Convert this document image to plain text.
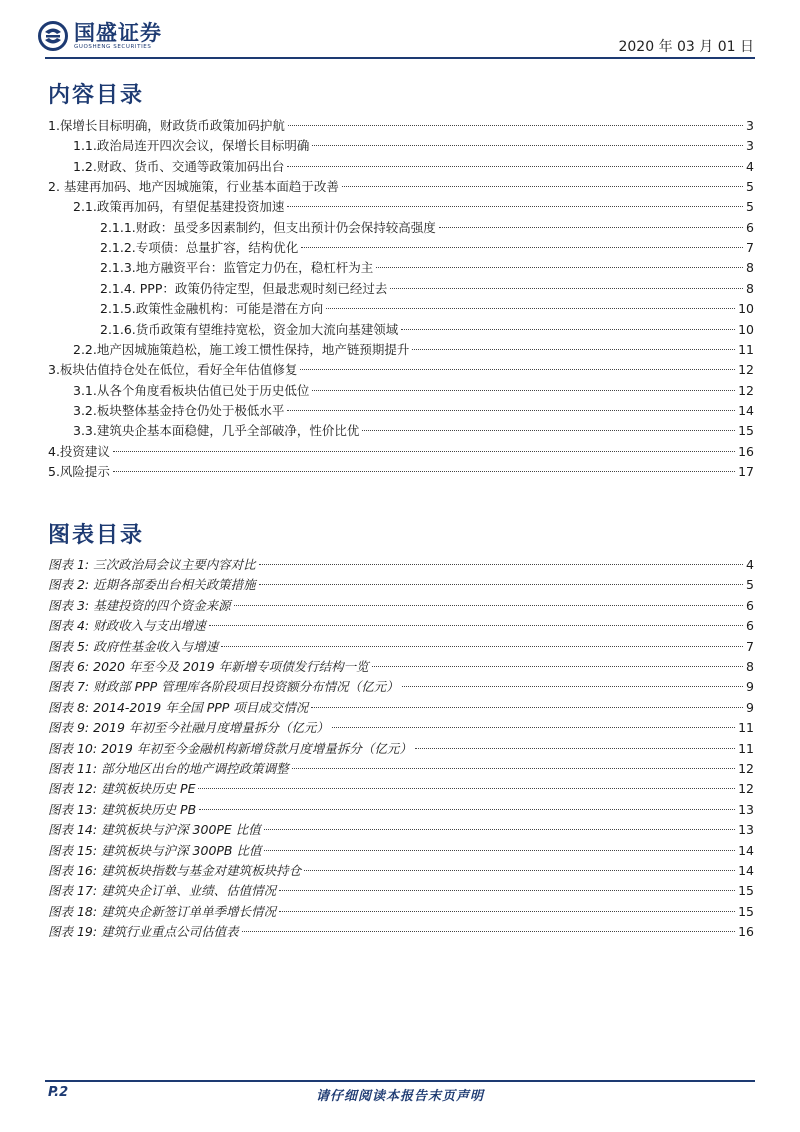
国盛证券
GUOSHENG SECURITIES	2020 年 03 月 01 日
内容目录
1.保增长目标明确，财政货币政策加码护航	3
1.1.政治局连开四次会议，保增长目标明确	3
1.2.财政、货币、交通等政策加码出台	4
2. 基建再加码、地产因城施策，行业基本面趋于改善	5
2.1.政策再加码，有望促基建投资加速	5
2.1.1.财政：虽受多因素制约，但支出预计仍会保持较高强度	6
2.1.2.专项债：总量扩容，结构优化	7
2.1.3.地方融资平台：监管定力仍在，稳杠杆为主	8
2.1.4. PPP：政策仍待定型，但最悲观时刻已经过去	8
2.1.5.政策性金融机构：可能是潜在方向	10
2.1.6.货币政策有望维持宽松，资金加大流向基建领域	10
2.2.地产因城施策趋松，施工竣工惯性保持，地产链预期提升	11
3.板块估值持仓处在低位，看好全年估值修复	12
3.1.从各个角度看板块估值已处于历史低位	12
3.2.板块整体基金持仓仍处于极低水平	14
3.3.建筑央企基本面稳健，几乎全部破净，性价比优	15
4.投资建议	16
5.风险提示	17
图表目录
图表 1: 三次政治局会议主要内容对比	4
图表 2: 近期各部委出台相关政策措施	5
图表 3: 基建投资的四个资金来源	6
图表 4: 财政收入与支出增速	6
图表 5: 政府性基金收入与增速	7
图表 6: 2020 年至今及 2019 年新增专项债发行结构一览	8
图表 7: 财政部 PPP 管理库各阶段项目投资额分布情况（亿元）	9
图表 8: 2014-2019 年全国 PPP 项目成交情况	9
图表 9: 2019 年初至今社融月度增量拆分（亿元）	11
图表 10: 2019 年初至今金融机构新增贷款月度增量拆分（亿元）	11
图表 11: 部分地区出台的地产调控政策调整	12
图表 12: 建筑板块历史 PE	12
图表 13: 建筑板块历史 PB	13
图表 14: 建筑板块与沪深 300PE 比值	13
图表 15: 建筑板块与沪深 300PB 比值	14
图表 16: 建筑板块指数与基金对建筑板块持仓	14
图表 17: 建筑央企订单、业绩、估值情况	15
图表 18: 建筑央企新签订单单季增长情况	15
图表 19: 建筑行业重点公司估值表	16
P.2	请仔细阅读本报告末页声明
